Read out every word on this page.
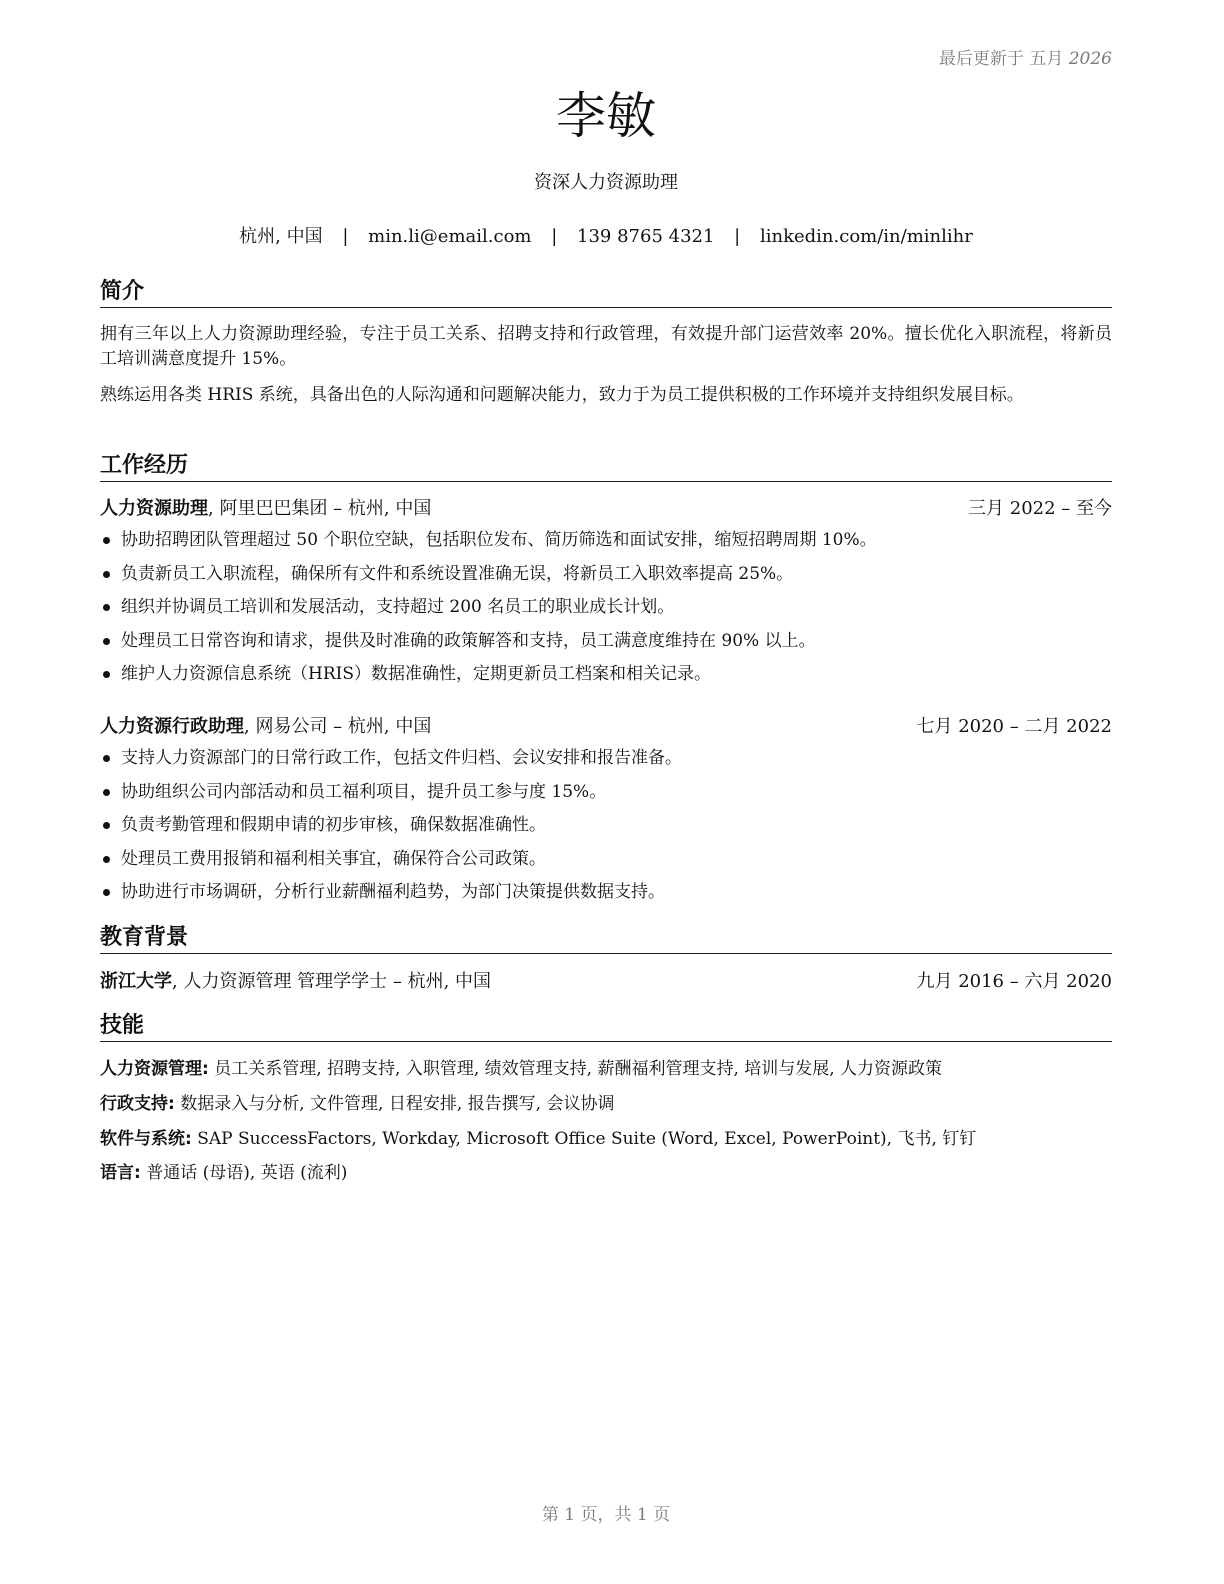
最后更新于 五月 2026
李敏
资深人力资源助理
杭州, 中国 | min.li@email.com | 139 8765 4321 | linkedin.com/in/minlihr
简介
拥有三年以上人力资源助理经验，专注于员工关系、招聘支持和行政管理，有效提升部门运营效率 20%。擅长优化入职流程，将新员工培训满意度提升 15%。
熟练运用各类 HRIS 系统，具备出色的人际沟通和问题解决能力，致力于为员工提供积极的工作环境并支持组织发展目标。
工作经历
人力资源助理, 阿里巴巴集团 – 杭州, 中国	三月 2022 – 至今
协助招聘团队管理超过 50 个职位空缺，包括职位发布、简历筛选和面试安排，缩短招聘周期 10%。
负责新员工入职流程，确保所有文件和系统设置准确无误，将新员工入职效率提高 25%。
组织并协调员工培训和发展活动，支持超过 200 名员工的职业成长计划。
处理员工日常咨询和请求，提供及时准确的政策解答和支持，员工满意度维持在 90% 以上。
维护人力资源信息系统（HRIS）数据准确性，定期更新员工档案和相关记录。
人力资源行政助理, 网易公司 – 杭州, 中国	七月 2020 – 二月 2022
支持人力资源部门的日常行政工作，包括文件归档、会议安排和报告准备。
协助组织公司内部活动和员工福利项目，提升员工参与度 15%。
负责考勤管理和假期申请的初步审核，确保数据准确性。
处理员工费用报销和福利相关事宜，确保符合公司政策。
协助进行市场调研，分析行业薪酬福利趋势，为部门决策提供数据支持。
教育背景
浙江大学, 人力资源管理 管理学学士 – 杭州, 中国	九月 2016 – 六月 2020
技能
人力资源管理: 员工关系管理, 招聘支持, 入职管理, 绩效管理支持, 薪酬福利管理支持, 培训与发展, 人力资源政策
行政支持: 数据录入与分析, 文件管理, 日程安排, 报告撰写, 会议协调
软件与系统: SAP SuccessFactors, Workday, Microsoft Office Suite (Word, Excel, PowerPoint), 飞书, 钉钉
语言: 普通话 (母语), 英语 (流利)
第 1 页，共 1 页
